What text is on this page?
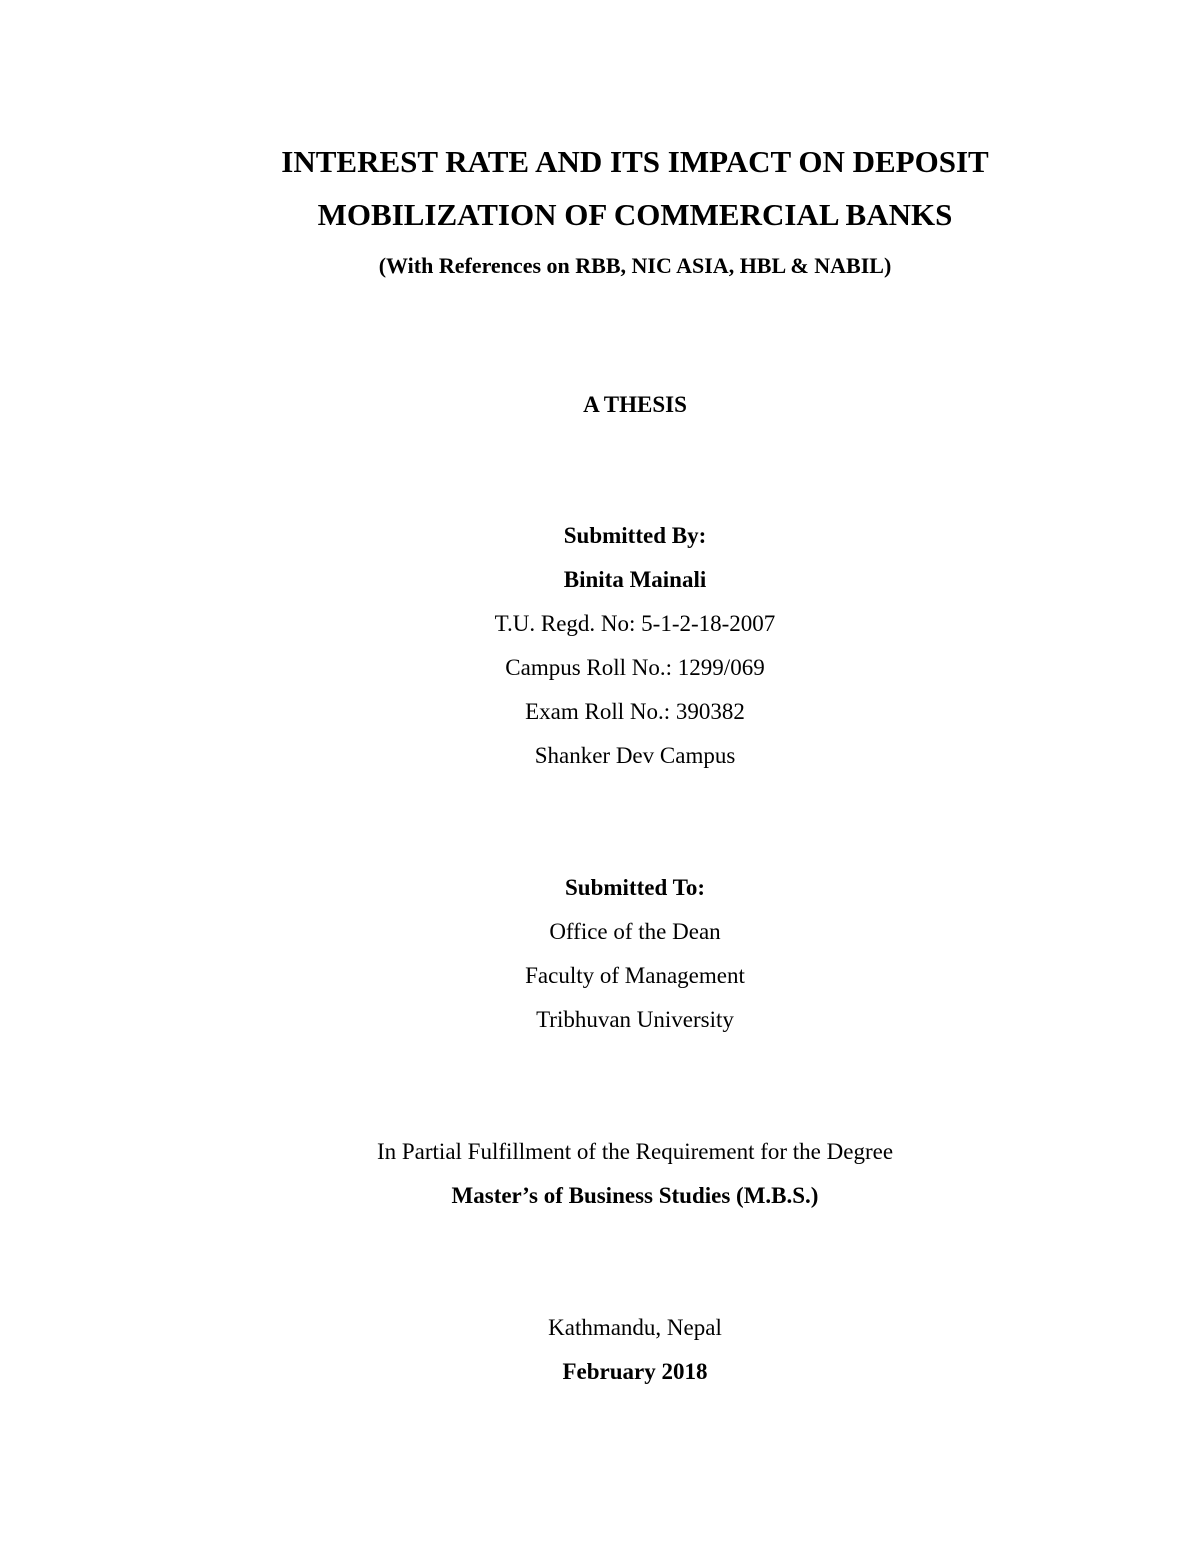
INTEREST RATE AND ITS IMPACT ON DEPOSIT
MOBILIZATION OF COMMERCIAL BANKS
(With References on RBB, NIC ASIA, HBL & NABIL)
A THESIS
Submitted By:
Binita Mainali
T.U. Regd. No: 5-1-2-18-2007
Campus Roll No.: 1299/069
Exam Roll No.: 390382
Shanker Dev Campus
Submitted To:
Office of the Dean
Faculty of Management
Tribhuvan University
In Partial Fulfillment of the Requirement for the Degree
Master’s of Business Studies (M.B.S.)
Kathmandu, Nepal
February 2018
